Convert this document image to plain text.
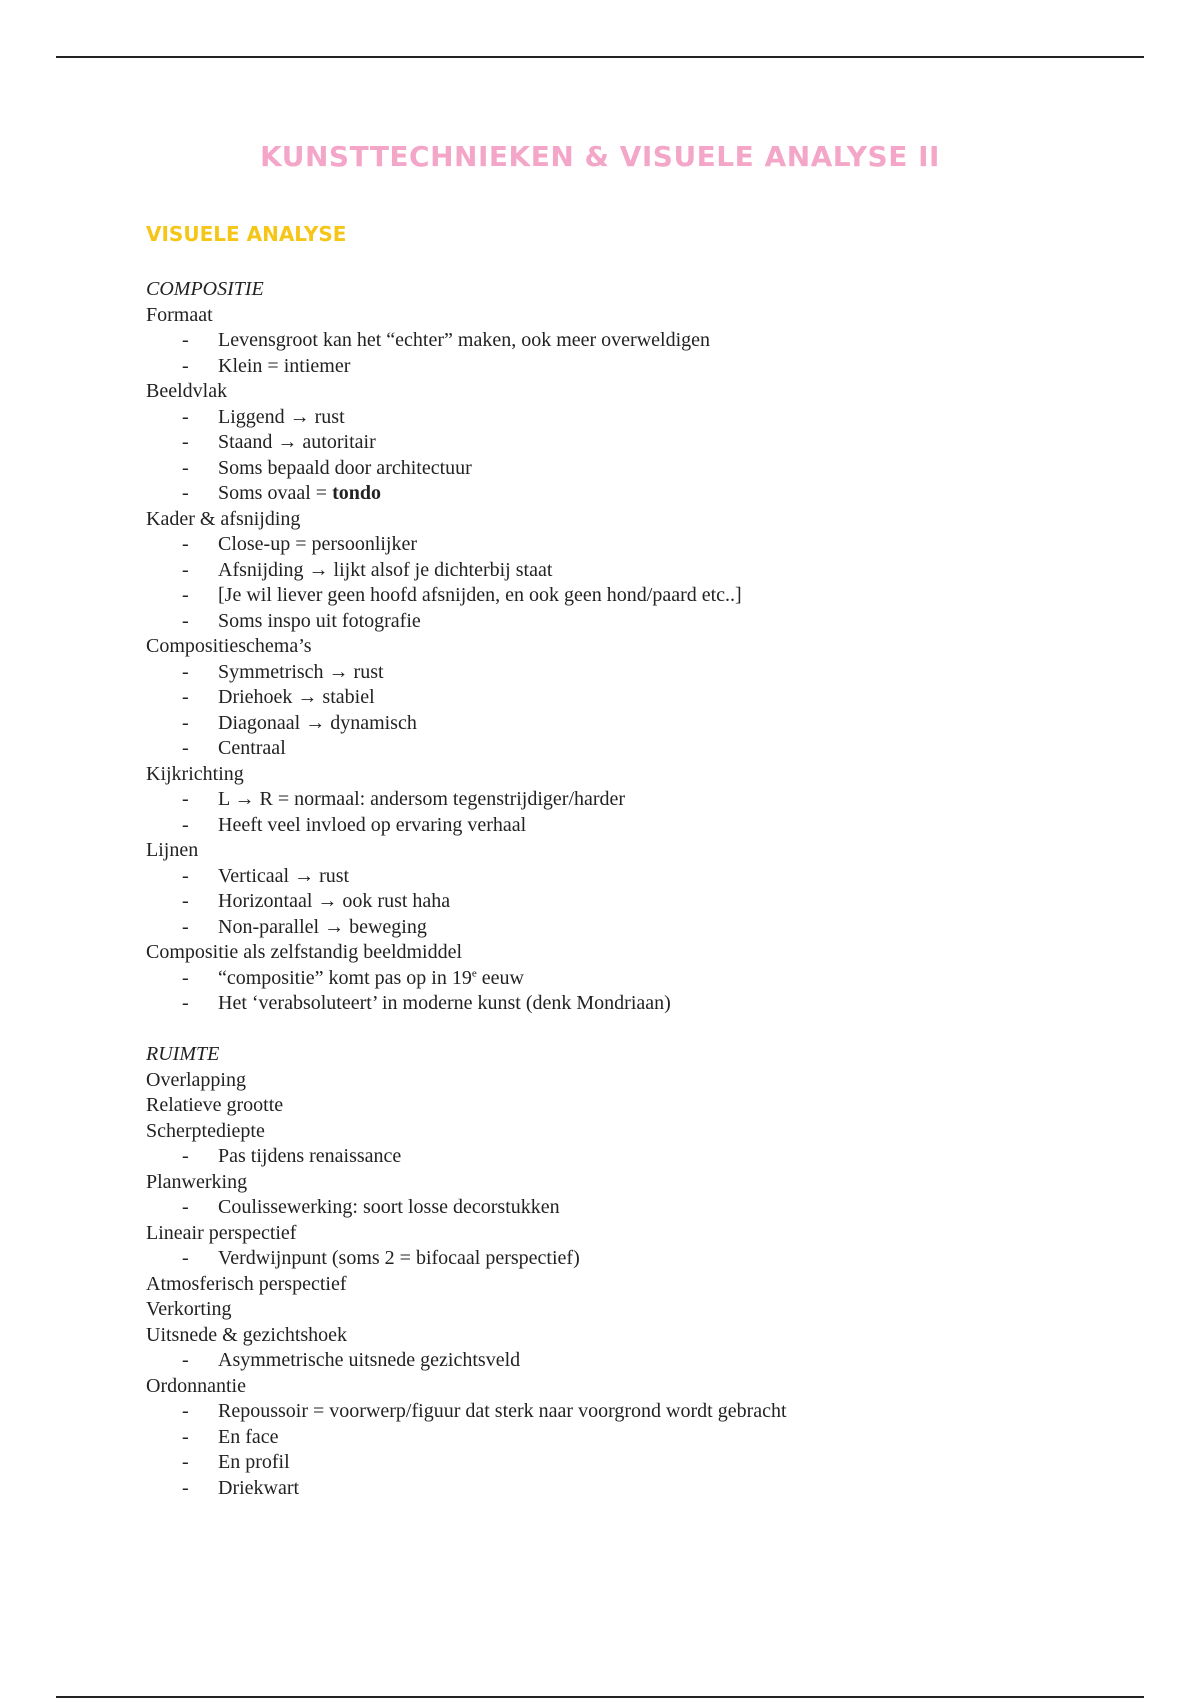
KUNSTTECHNIEKEN & VISUELE ANALYSE II
VISUELE ANALYSE
COMPOSITIE
Formaat
- Levensgroot kan het “echter” maken, ook meer overweldigen
- Klein = intiemer
Beeldvlak
- Liggend → rust
- Staand → autoritair
- Soms bepaald door architectuur
- Soms ovaal = tondo
Kader & afsnijding
- Close-up = persoonlijker
- Afsnijding → lijkt alsof je dichterbij staat
- [Je wil liever geen hoofd afsnijden, en ook geen hond/paard etc..]
- Soms inspo uit fotografie
Compositieschema’s
- Symmetrisch → rust
- Driehoek → stabiel
- Diagonaal → dynamisch
- Centraal
Kijkrichting
- L → R = normaal: andersom tegenstrijdiger/harder
- Heeft veel invloed op ervaring verhaal
Lijnen
- Verticaal → rust
- Horizontaal → ook rust haha
- Non-parallel → beweging
Compositie als zelfstandig beeldmiddel
- “compositie” komt pas op in 19e eeuw
- Het ‘verabsoluteert’ in moderne kunst (denk Mondriaan)
RUIMTE
Overlapping
Relatieve grootte
Scherptediepte
- Pas tijdens renaissance
Planwerking
- Coulissewerking: soort losse decorstukken
Lineair perspectief
- Verdwijnpunt (soms 2 = bifocaal perspectief)
Atmosferisch perspectief
Verkorting
Uitsnede & gezichtshoek
- Asymmetrische uitsnede gezichtsveld
Ordonnantie
- Repoussoir = voorwerp/figuur dat sterk naar voorgrond wordt gebracht
- En face
- En profil
- Driekwart
